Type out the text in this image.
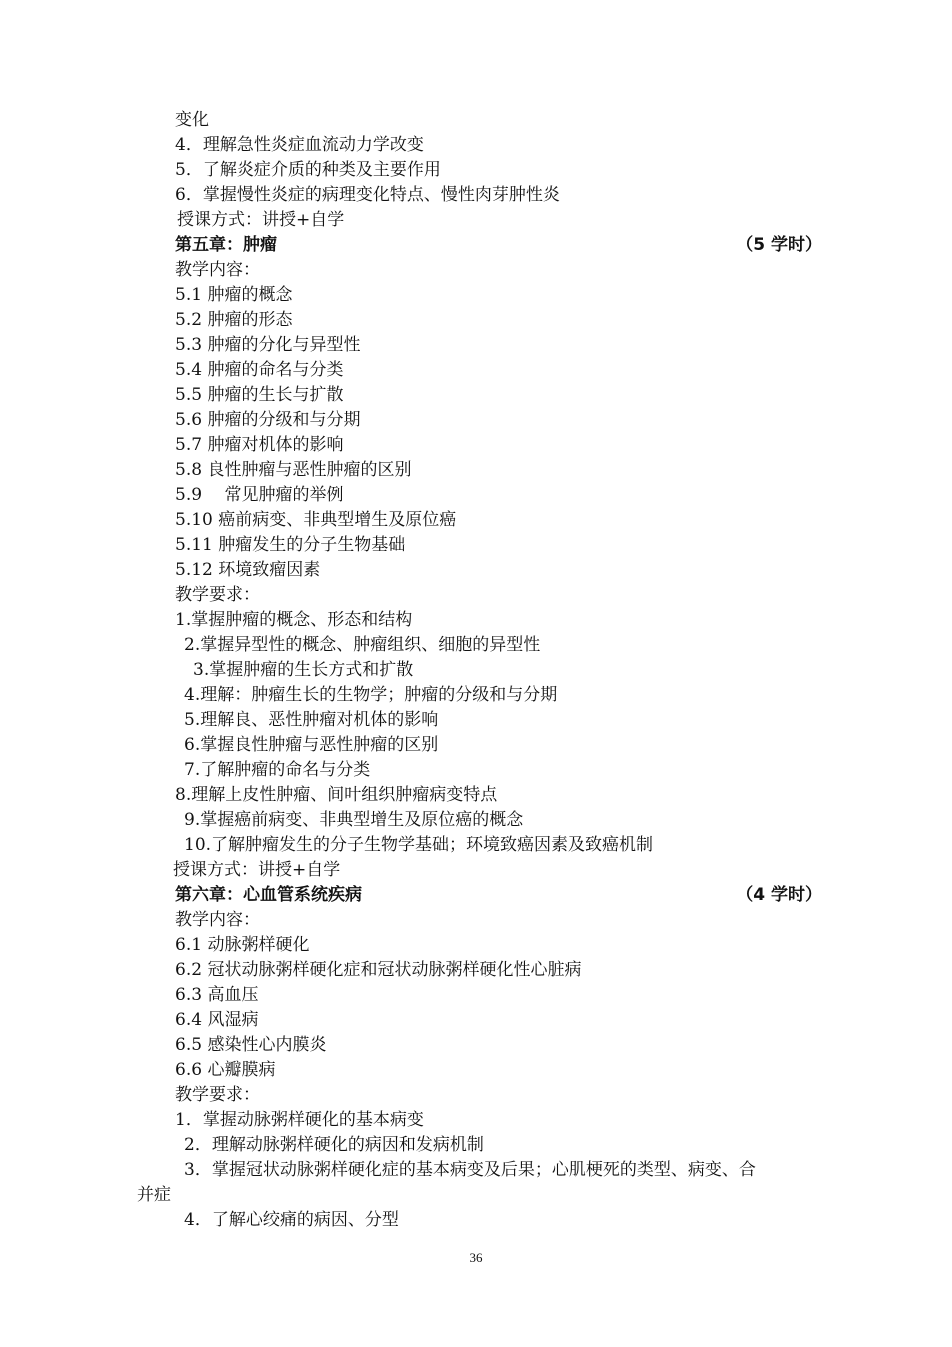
变化
4．理解急性炎症血流动力学改变
5．了解炎症介质的种类及主要作用
6．掌握慢性炎症的病理变化特点、慢性肉芽肿性炎
授课方式：讲授+自学
第五章：肿瘤	（5 学时）
教学内容：
5.1 肿瘤的概念
5.2 肿瘤的形态
5.3 肿瘤的分化与异型性
5.4 肿瘤的命名与分类
5.5 肿瘤的生长与扩散
5.6 肿瘤的分级和与分期
5.7 肿瘤对机体的影响
5.8 良性肿瘤与恶性肿瘤的区别
5.9　 常见肿瘤的举例
5.10 癌前病变、非典型增生及原位癌
5.11 肿瘤发生的分子生物基础
5.12 环境致瘤因素
教学要求：
1.掌握肿瘤的概念、形态和结构
2.掌握异型性的概念、肿瘤组织、细胞的异型性
3.掌握肿瘤的生长方式和扩散
4.理解：肿瘤生长的生物学；肿瘤的分级和与分期
5.理解良、恶性肿瘤对机体的影响
6.掌握良性肿瘤与恶性肿瘤的区别
7.了解肿瘤的命名与分类
8.理解上皮性肿瘤、间叶组织肿瘤病变特点
9.掌握癌前病变、非典型增生及原位癌的概念
10.了解肿瘤发生的分子生物学基础；环境致癌因素及致癌机制
授课方式：讲授+自学
第六章：心血管系统疾病	（4 学时）
教学内容：
6.1 动脉粥样硬化
6.2 冠状动脉粥样硬化症和冠状动脉粥样硬化性心脏病
6.3 高血压
6.4 风湿病
6.5 感染性心内膜炎
6.6 心瓣膜病
教学要求：
1．掌握动脉粥样硬化的基本病变
2．理解动脉粥样硬化的病因和发病机制
3．掌握冠状动脉粥样硬化症的基本病变及后果；心肌梗死的类型、病变、合
并症
4．了解心绞痛的病因、分型
36
